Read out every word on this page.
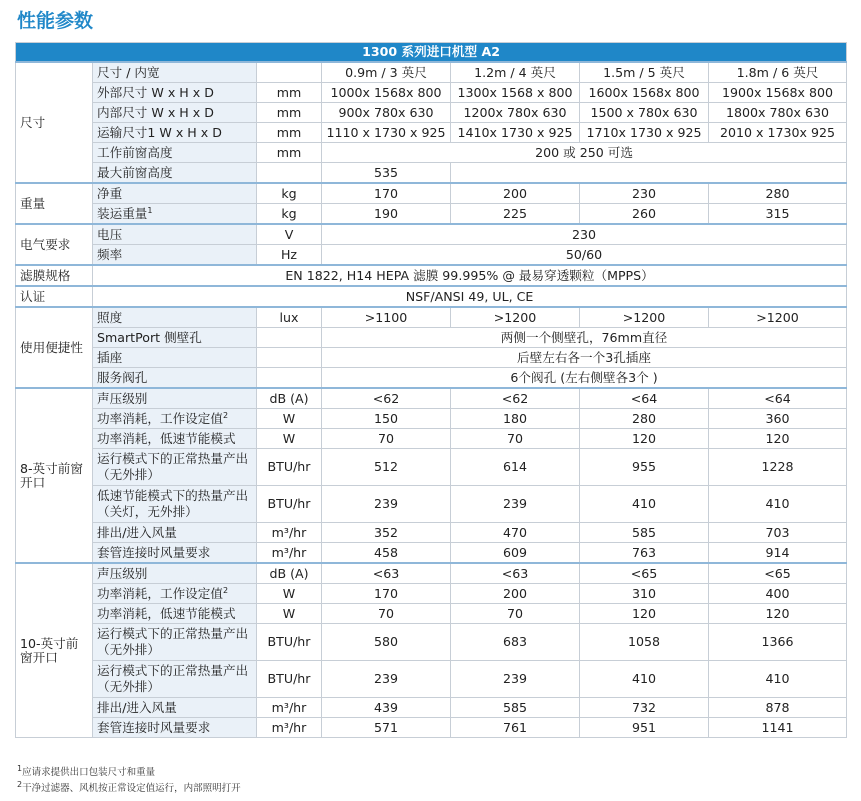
性能参数
1300 系列进口机型 A2						
尺寸	尺寸 / 内宽		0.9m / 3 英尺	1.2m / 4 英尺	1.5m / 5 英尺	1.8m / 6 英尺
	外部尺寸 W x H x D	mm	1000x 1568x 800	1300x 1568 x 800	1600x 1568x 800	1900x 1568x 800
	内部尺寸 W x H x D	mm	900x 780x 630	1200x 780x 630	1500 x 780x 630	1800x 780x 630
	运输尺寸1 W x H x D	mm	1110 x 1730 x 925	1410x 1730 x 925	1710x 1730 x 925	2010 x 1730x 925
	工作前窗高度	mm	200 或 250 可选			
	最大前窗高度		535			
重量	净重	kg	170	200	230	280
	装运重量$^1$	kg	190	225	260	315
电气要求	电压	V	230			
	频率	Hz	50/60			
滤膜规格	EN 1822, H14 HEPA 滤膜 99.995% @ 最易穿透颗粒（MPPS）					
认证	NSF/ANSI 49, UL, CE					
使用便捷性	照度	lux	>1100	>1200	>1200	>1200
	SmartPort 侧壁孔		两侧一个侧壁孔，76mm直径			
	插座		后壁左右各一个3孔插座			
	服务阀孔		6个阀孔 (左右侧壁各3个 )			
8-英寸前窗开口	声压级别	dB (A)	<62	<62	<64	<64
	功率消耗，工作设定值$^2$	W	150	180	280	360
	功率消耗，低速节能模式	W	70	70	120	120
	运行模式下的正常热量产出（无外排）	BTU/hr	512	614	955	1228
	低速节能模式下的热量产出（关灯，无外排）	BTU/hr	239	239	410	410
	排出/进入风量	m³/hr	352	470	585	703
	套管连接时风量要求	m³/hr	458	609	763	914
10-英寸前窗开口	声压级别	dB (A)	<63	<63	<65	<65
	功率消耗，工作设定值$^2$	W	170	200	310	400
	功率消耗，低速节能模式	W	70	70	120	120
	运行模式下的正常热量产出（无外排）	BTU/hr	580	683	1058	1366
	运行模式下的正常热量产出（无外排）	BTU/hr	239	239	410	410
	排出/进入风量	m³/hr	439	585	732	878
	套管连接时风量要求	m³/hr	571	761	951	1141
$^1$应请求提供出口包装尺寸和重量
$^2$干净过滤器、风机按正常设定值运行，内部照明打开
